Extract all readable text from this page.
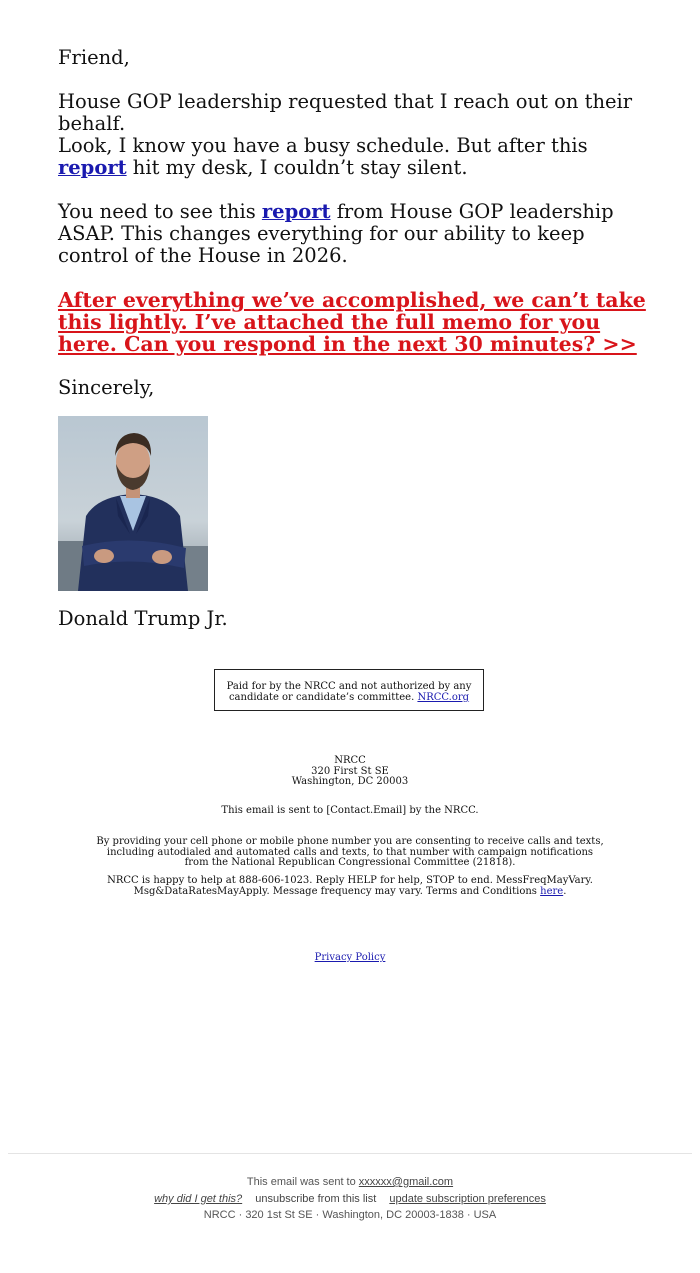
Friend,

House GOP leadership requested that I reach out on their behalf.

Look, I know you have a busy schedule. But after this report hit my desk, I couldn’t stay silent.

You need to see this report from House GOP leadership ASAP. This changes everything for our ability to keep control of the House in 2026.

After everything we’ve accomplished, we can’t take this lightly. I’ve attached the full memo for you here. Can you respond in the next 30 minutes? >>

Sincerely,

Donald Trump Jr.
Paid for by the NRCC and not authorized by any candidate or candidate’s committee. NRCC.org
NRCC
320 First St SE
Washington, DC 20003
This email is sent to [Contact.Email] by the NRCC.
By providing your cell phone or mobile phone number you are consenting to receive calls and texts, including autodialed and automated calls and texts, to that number with campaign notifications from the National Republican Congressional Committee (21818).
NRCC is happy to help at 888-606-1023. Reply HELP for help, STOP to end. MessFreqMayVary.
Msg&DataRatesMayApply. Message frequency may vary. Terms and Conditions here.
Privacy Policy
This email was sent to xxxxxx@gmail.com
why did I get this? unsubscribe from this list update subscription preferences
NRCC · 320 1st St SE · Washington, DC 20003-1838 · USA
